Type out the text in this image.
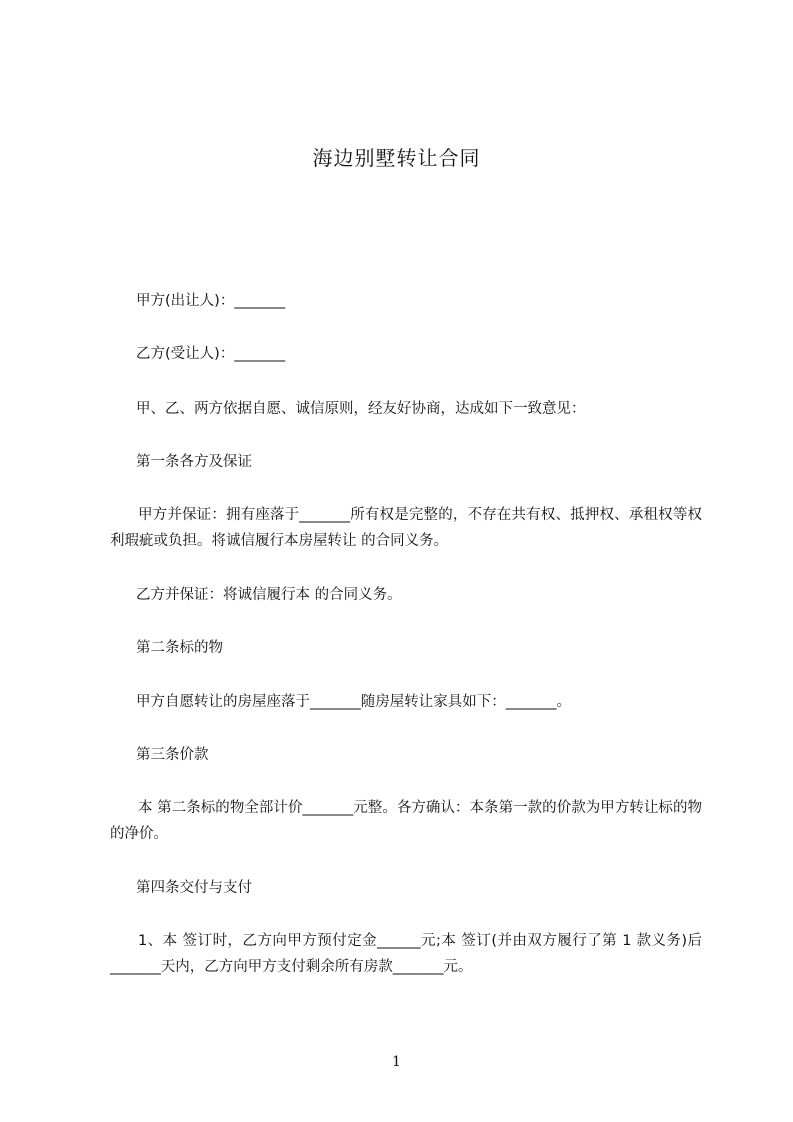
海边别墅转让合同
甲方(出让人)：_______
乙方(受让人)：_______
甲、乙、两方依据自愿、诚信原则，经友好协商，达成如下一致意见：
第一条各方及保证
甲方并保证：拥有座落于_______所有权是完整的，不存在共有权、抵押权、承租权等权利瑕疵或负担。将诚信履行本房屋转让 的合同义务。
乙方并保证：将诚信履行本 的合同义务。
第二条标的物
甲方自愿转让的房屋座落于_______随房屋转让家具如下：_______。
第三条价款
本 第二条标的物全部计价_______元整。各方确认：本条第一款的价款为甲方转让标的物的净价。
第四条交付与支付
1、本 签订时，乙方向甲方预付定金______元;本 签订(并由双方履行了第 1 款义务)后_______天内，乙方向甲方支付剩余所有房款_______元。
1
